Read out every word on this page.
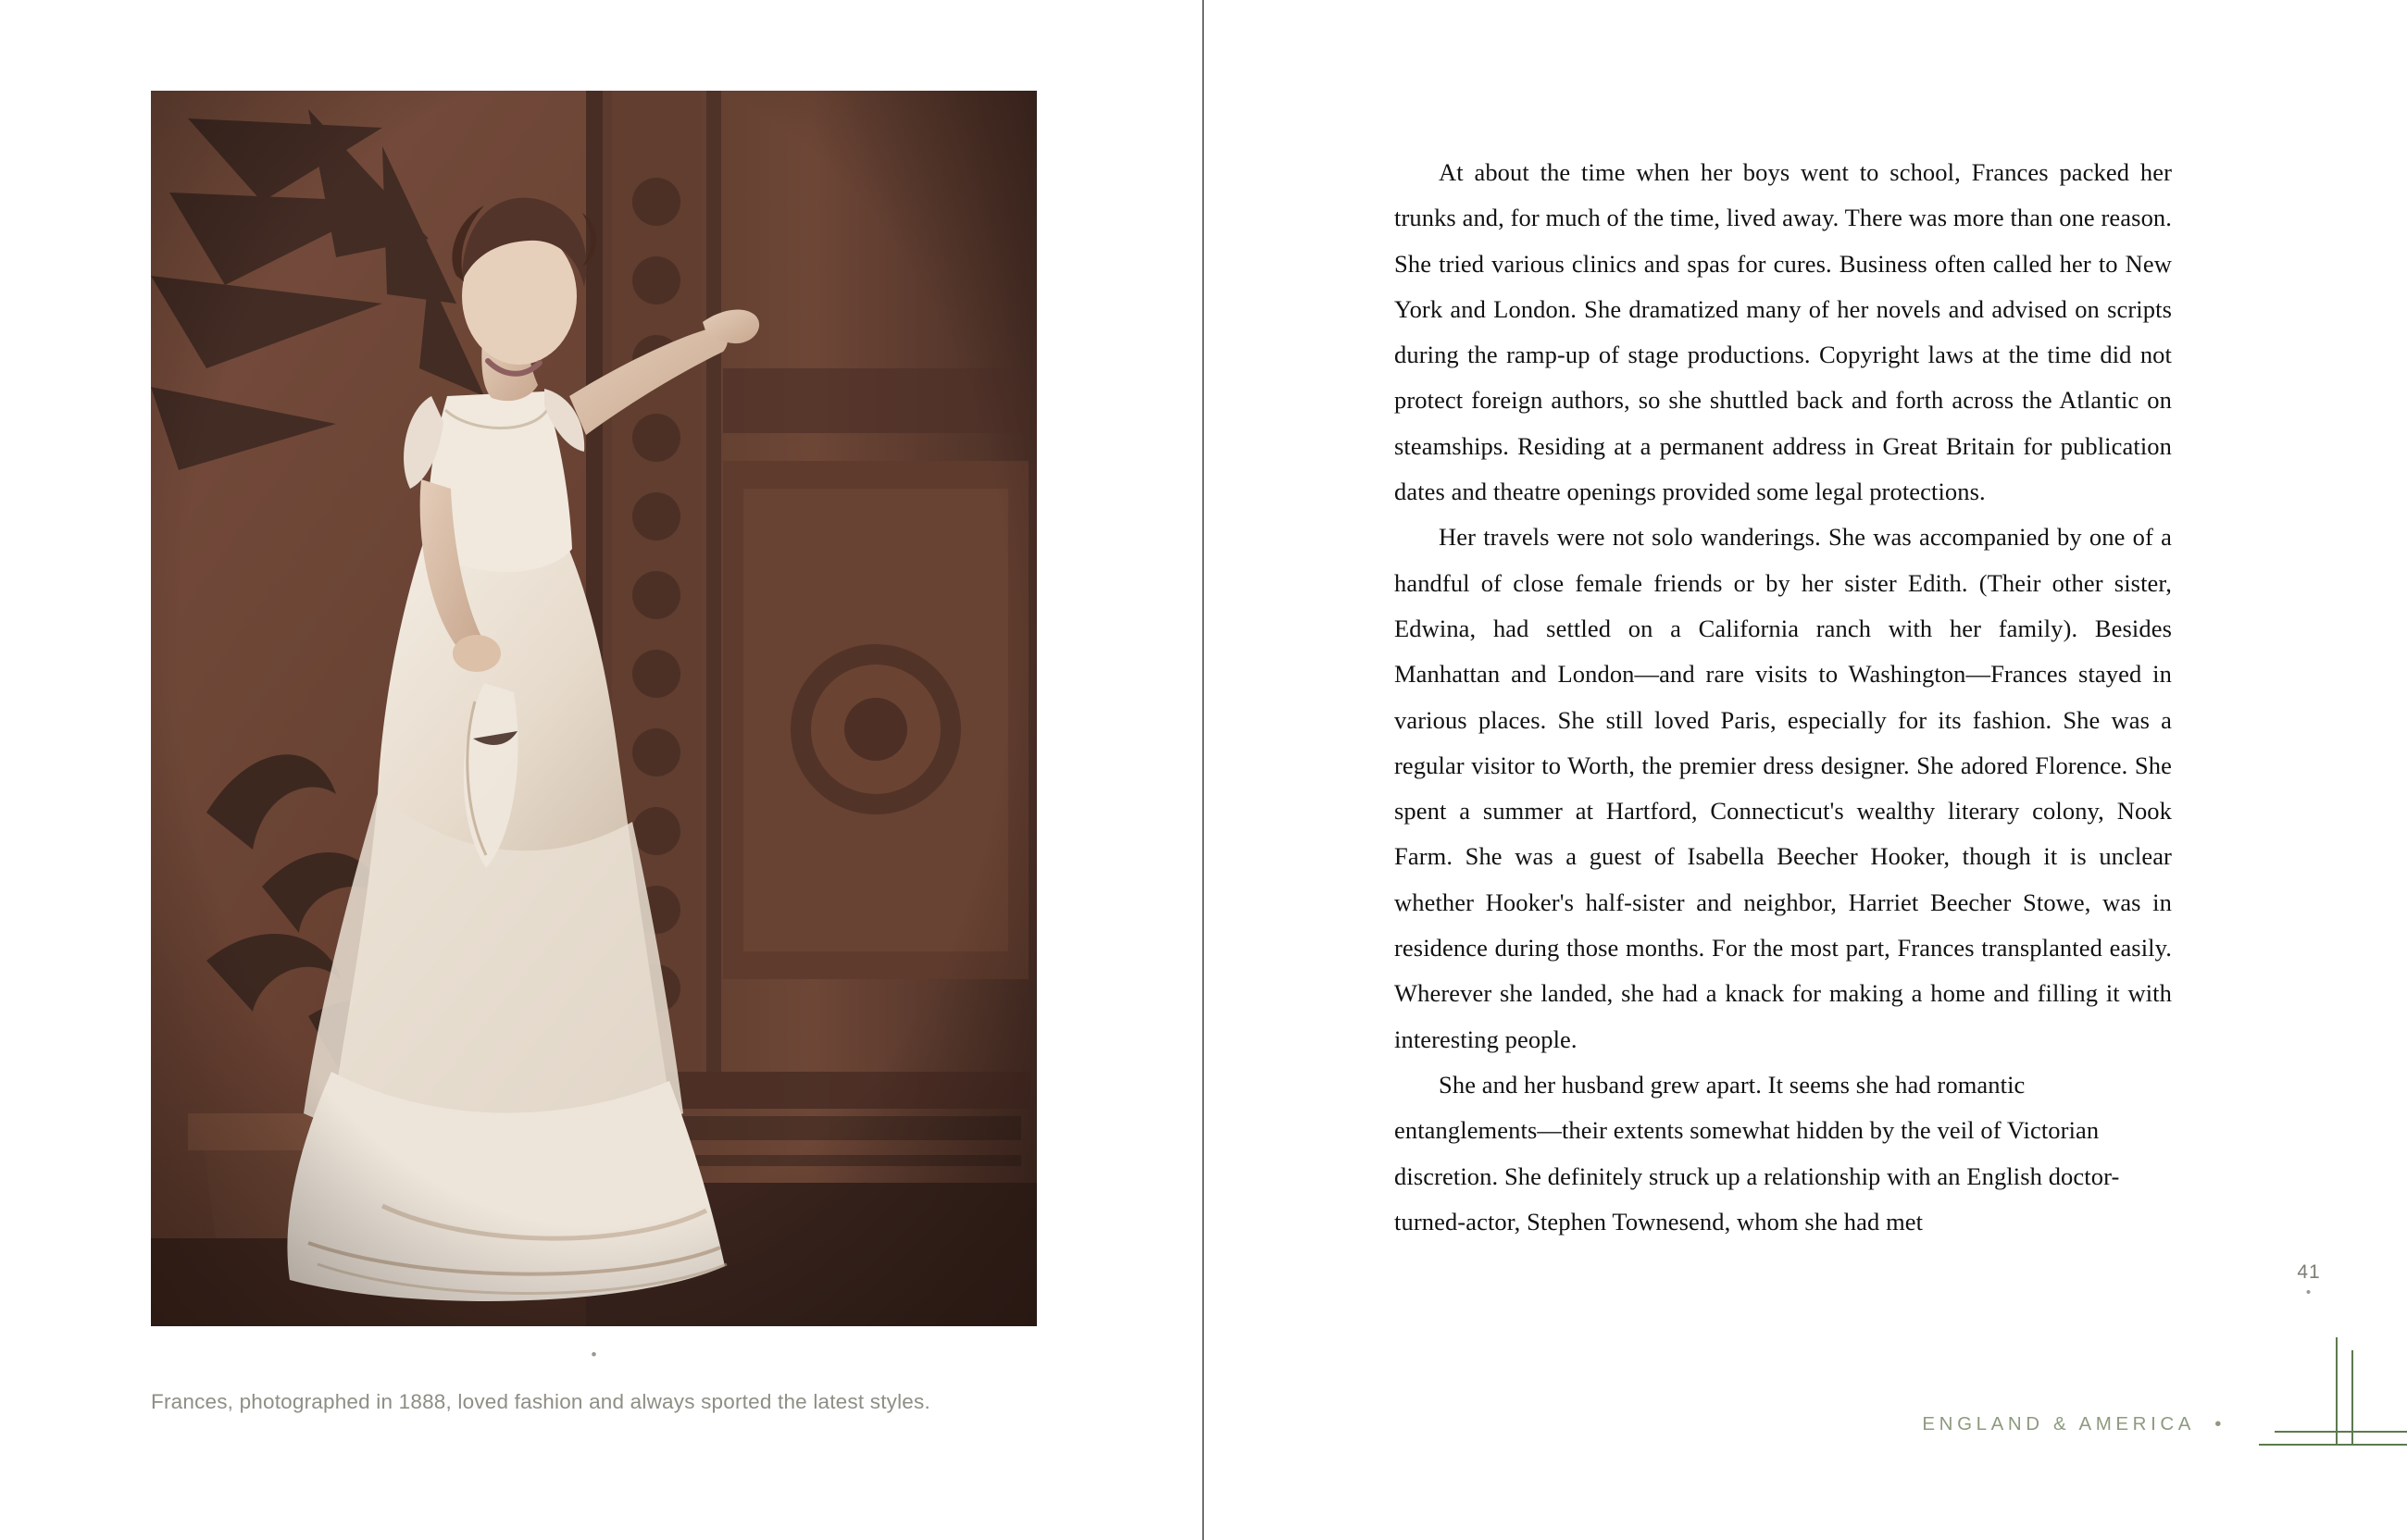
•
Frances, photographed in 1888, loved fashion and always sported the latest styles.

At about the time when her boys went to school, Frances packed her trunks and, for much of the time, lived away. There was more than one reason. She tried various clinics and spas for cures. Business often called her to New York and London. She dramatized many of her novels and advised on scripts during the ramp-up of stage productions. Copyright laws at the time did not protect foreign authors, so she shuttled back and forth across the Atlantic on steamships. Residing at a permanent address in Great Britain for publication dates and theatre openings provided some legal protections.

Her travels were not solo wanderings. She was accompanied by one of a handful of close female friends or by her sister Edith. (Their other sister, Edwina, had settled on a California ranch with her family). Besides Manhattan and London—and rare visits to Washington—Frances stayed in various places. She still loved Paris, especially for its fashion. She was a regular visitor to Worth, the premier dress designer. She adored Florence. She spent a summer at Hartford, Connecticut's wealthy literary colony, Nook Farm. She was a guest of Isabella Beecher Hooker, though it is unclear whether Hooker's half-sister and neighbor, Harriet Beecher Stowe, was in residence during those months. For the most part, Frances transplanted easily. Wherever she landed, she had a knack for making a home and filling it with interesting people.

She and her husband grew apart. It seems she had romantic entanglements—their extents somewhat hidden by the veil of Victorian discretion. She definitely struck up a relationship with an English doctor-turned-actor, Stephen Townesend, whom she had met

41
•
ENGLAND & AMERICA •
